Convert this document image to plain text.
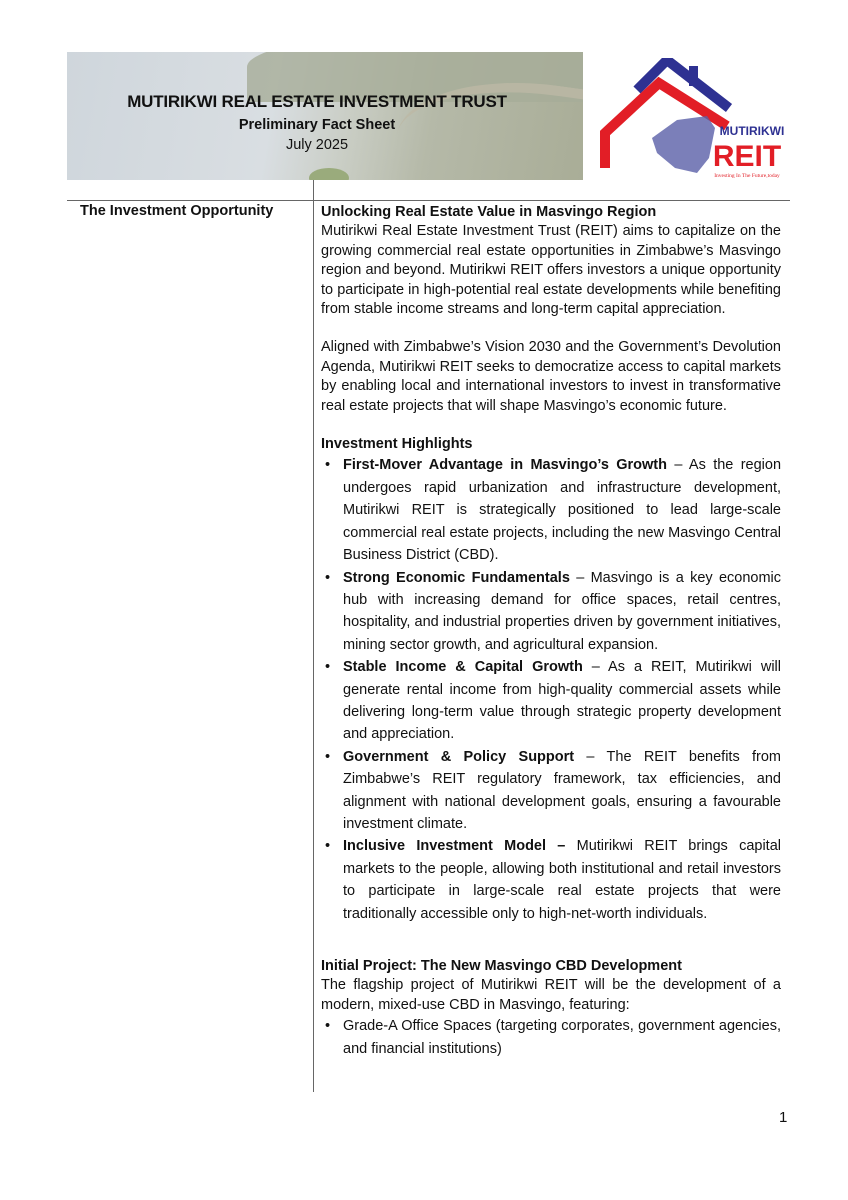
MUTIRIKWI REAL ESTATE INVESTMENT TRUST
Preliminary Fact Sheet
July 2025
MUTIRIKWI
REIT
Investing In The Future,today
The Investment Opportunity	Unlocking Real Estate Value in Masvingo Region

Mutirikwi Real Estate Investment Trust (REIT) aims to capitalize on the growing commercial real estate opportunities in Zimbabwe’s Masvingo region and beyond. Mutirikwi REIT offers investors a unique opportunity to participate in high-potential real estate developments while benefiting from stable income streams and long-term capital appreciation.

Aligned with Zimbabwe’s Vision 2030 and the Government’s Devolution Agenda, Mutirikwi REIT seeks to democratize access to capital markets by enabling local and international investors to invest in transformative real estate projects that will shape Masvingo’s economic future.

Investment Highlights

• First-Mover Advantage in Masvingo’s Growth – As the region undergoes rapid urbanization and infrastructure development, Mutirikwi REIT is strategically positioned to lead large-scale commercial real estate projects, including the new Masvingo Central Business District (CBD).
• Strong Economic Fundamentals – Masvingo is a key economic hub with increasing demand for office spaces, retail centres, hospitality, and industrial properties driven by government initiatives, mining sector growth, and agricultural expansion.
• Stable Income & Capital Growth – As a REIT, Mutirikwi will generate rental income from high-quality commercial assets while delivering long-term value through strategic property development and appreciation.
• Government & Policy Support – The REIT benefits from Zimbabwe’s REIT regulatory framework, tax efficiencies, and alignment with national development goals, ensuring a favourable investment climate.
• Inclusive Investment Model – Mutirikwi REIT brings capital markets to the people, allowing both institutional and retail investors to participate in large-scale real estate projects that were traditionally accessible only to high-net-worth individuals.

Initial Project: The New Masvingo CBD Development

The flagship project of Mutirikwi REIT will be the development of a modern, mixed-use CBD in Masvingo, featuring:

• Grade-A Office Spaces (targeting corporates, government agencies, and financial institutions)
1
